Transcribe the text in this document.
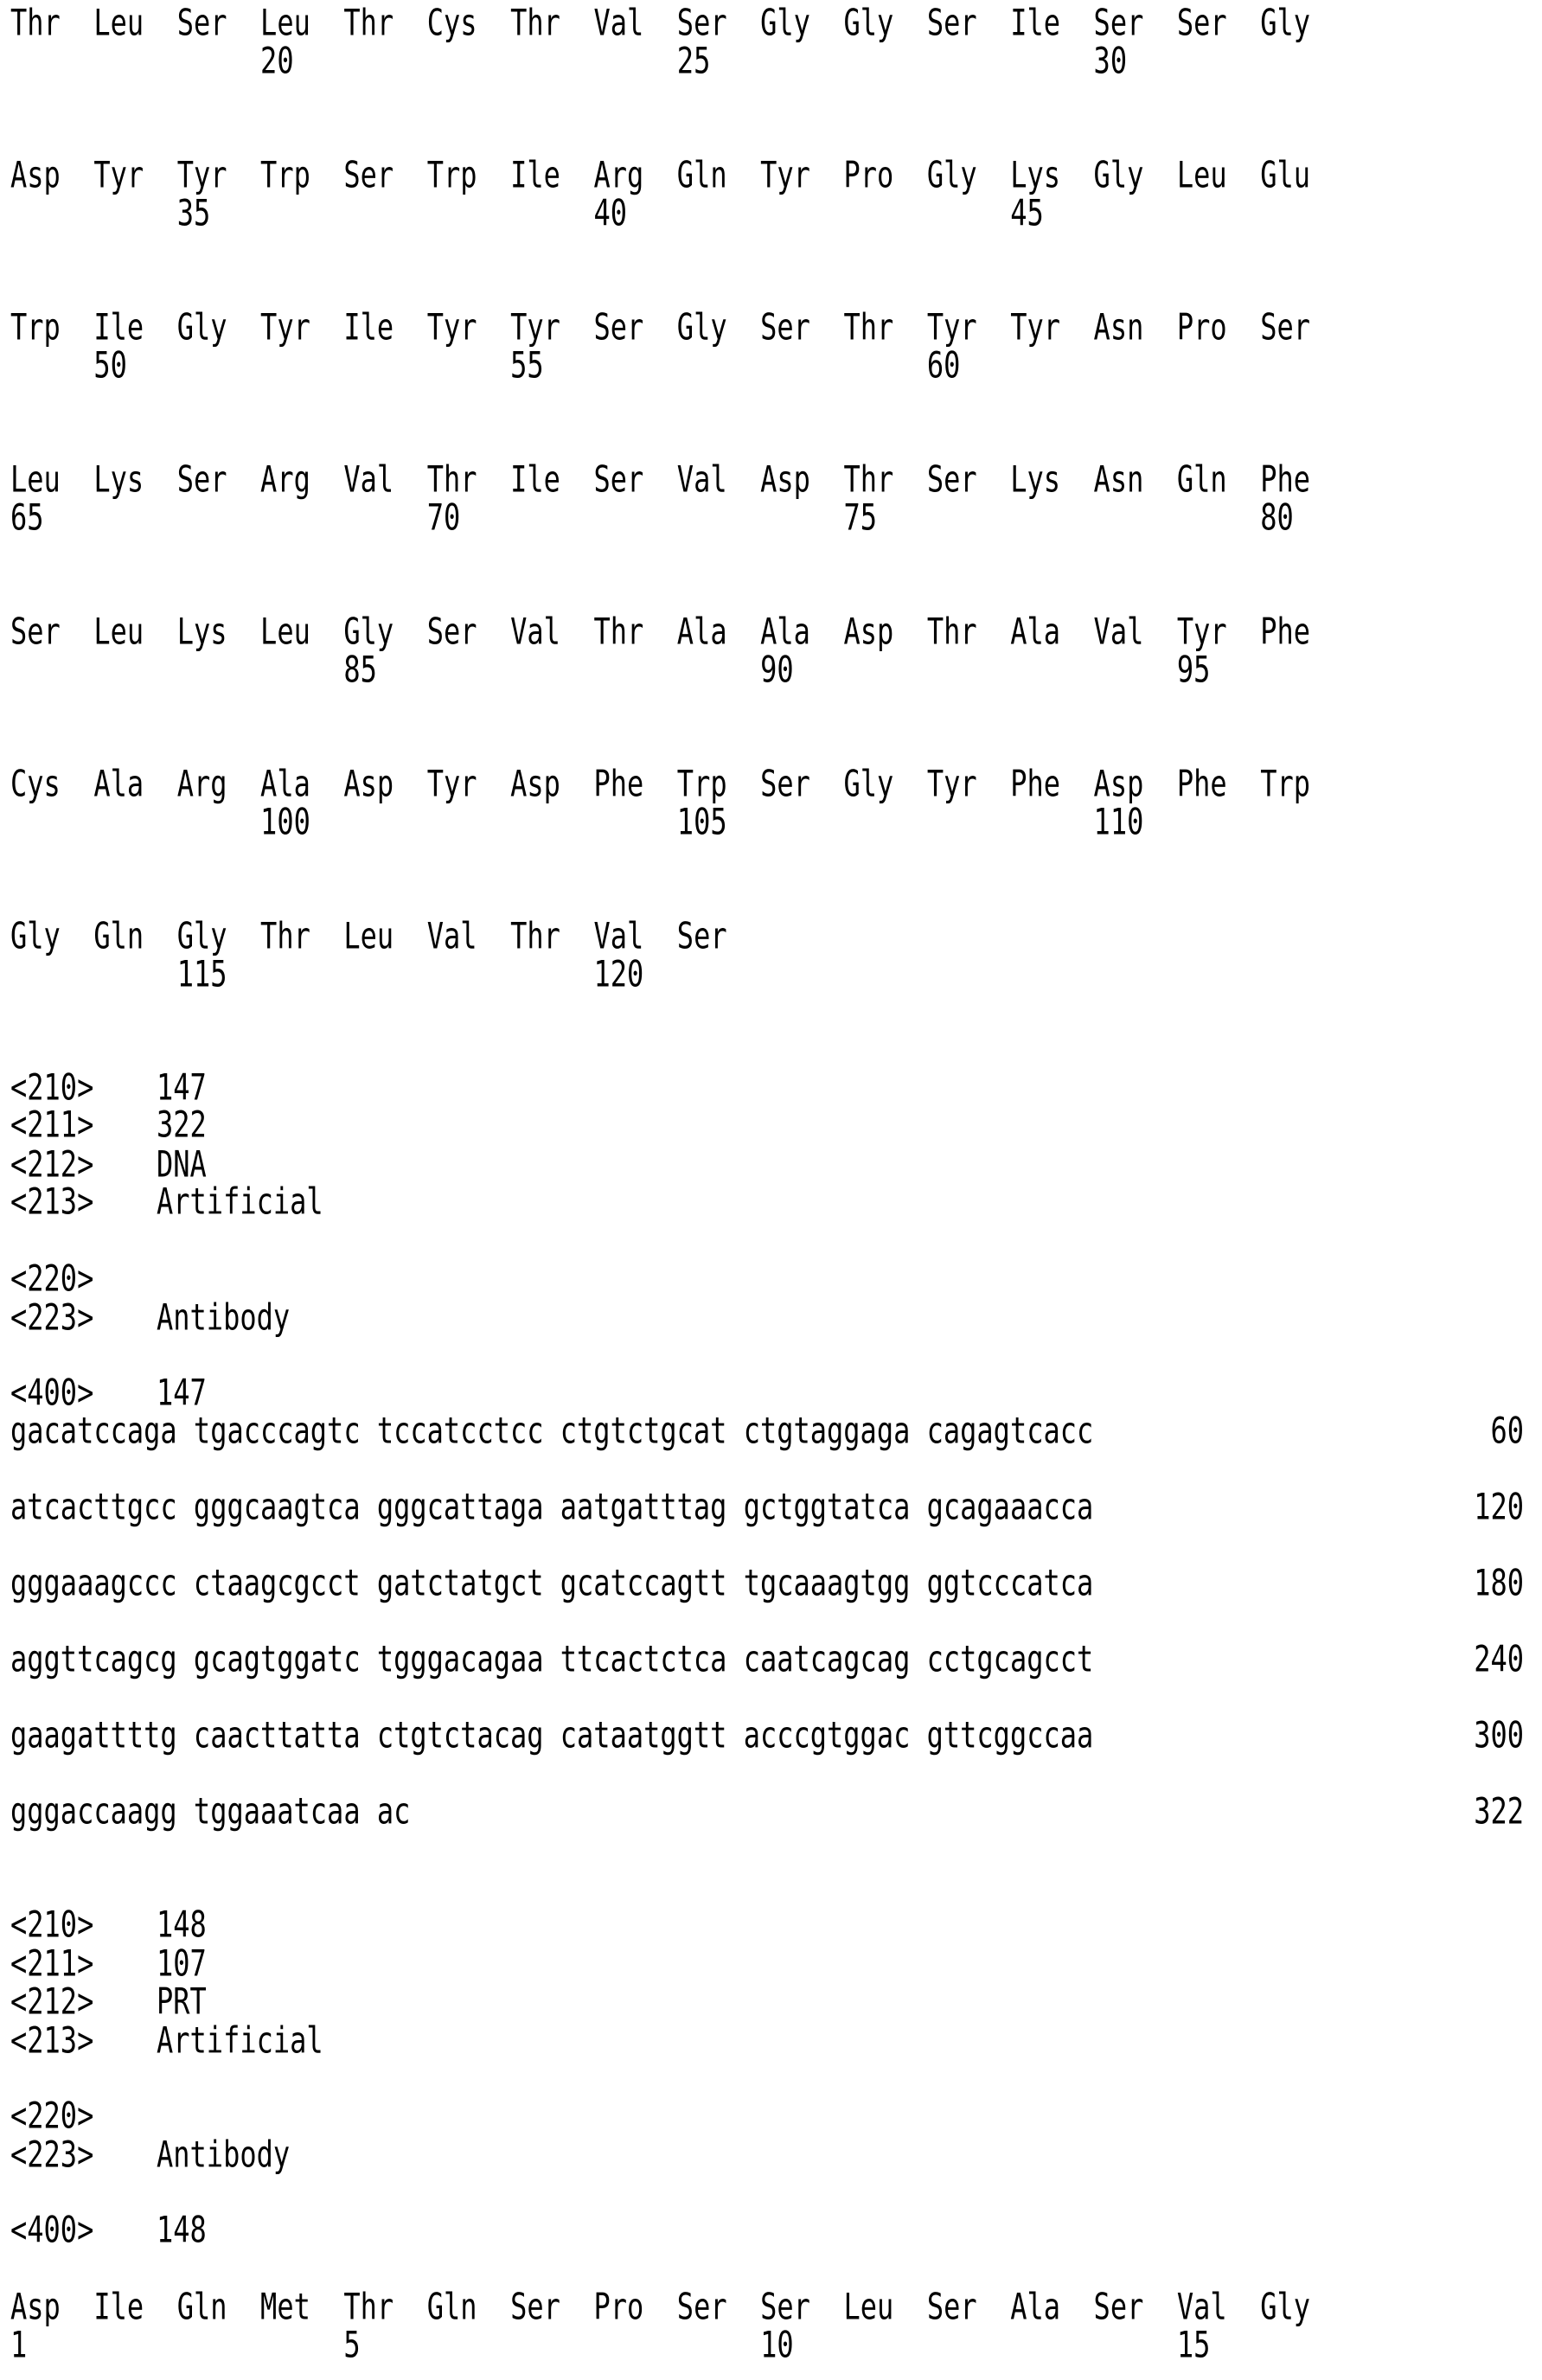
Thr Leu Ser Leu Thr Cys Thr Val Ser Gly Gly Ser Ile Ser Ser Gly
20	25	30
Asp Tyr Tyr Trp Ser Trp Ile Arg Gln Tyr Pro Gly Lys Gly Leu Glu
35	40	45
Trp Ile Gly Tyr Ile Tyr Tyr Ser Gly Ser Thr Tyr Tyr Asn Pro Ser
50	55	60
Leu Lys Ser Arg Val Thr Ile Ser Val Asp Thr Ser Lys Asn Gln Phe
65	70	75	80
Ser Leu Lys Leu Gly Ser Val Thr Ala Ala Asp Thr Ala Val Tyr Phe
85	90	95
Cys Ala Arg Ala Asp Tyr Asp Phe Trp Ser Gly Tyr Phe Asp Phe Trp
100	105	110
Gly Gln Gly Thr Leu Val Thr Val Ser
115	120
<210> 147
<211> 322
<212> DNA
<213> Artificial
<220>
<223> Antibody
<400> 147
gacatccaga tgacccagtc tccatcctcc ctgtctgcat ctgtaggaga cagagtcacc	60
atcacttgcc gggcaagtca gggcattaga aatgatttag gctggtatca gcagaaacca	120
gggaaagccc ctaagcgcct gatctatgct gcatccagtt tgcaaagtgg ggtcccatca	180
aggttcagcg gcagtggatc tgggacagaa ttcactctca caatcagcag cctgcagcct	240
gaagattttg caacttatta ctgtctacag cataatggtt acccgtggac gttcggccaa	300
gggaccaagg tggaaatcaa ac	322
<210> 148
<211> 107
<212> PRT
<213> Artificial
<220>
<223> Antibody
<400> 148
Asp Ile Gln Met Thr Gln Ser Pro Ser Ser Leu Ser Ala Ser Val Gly
1	5	10	15
